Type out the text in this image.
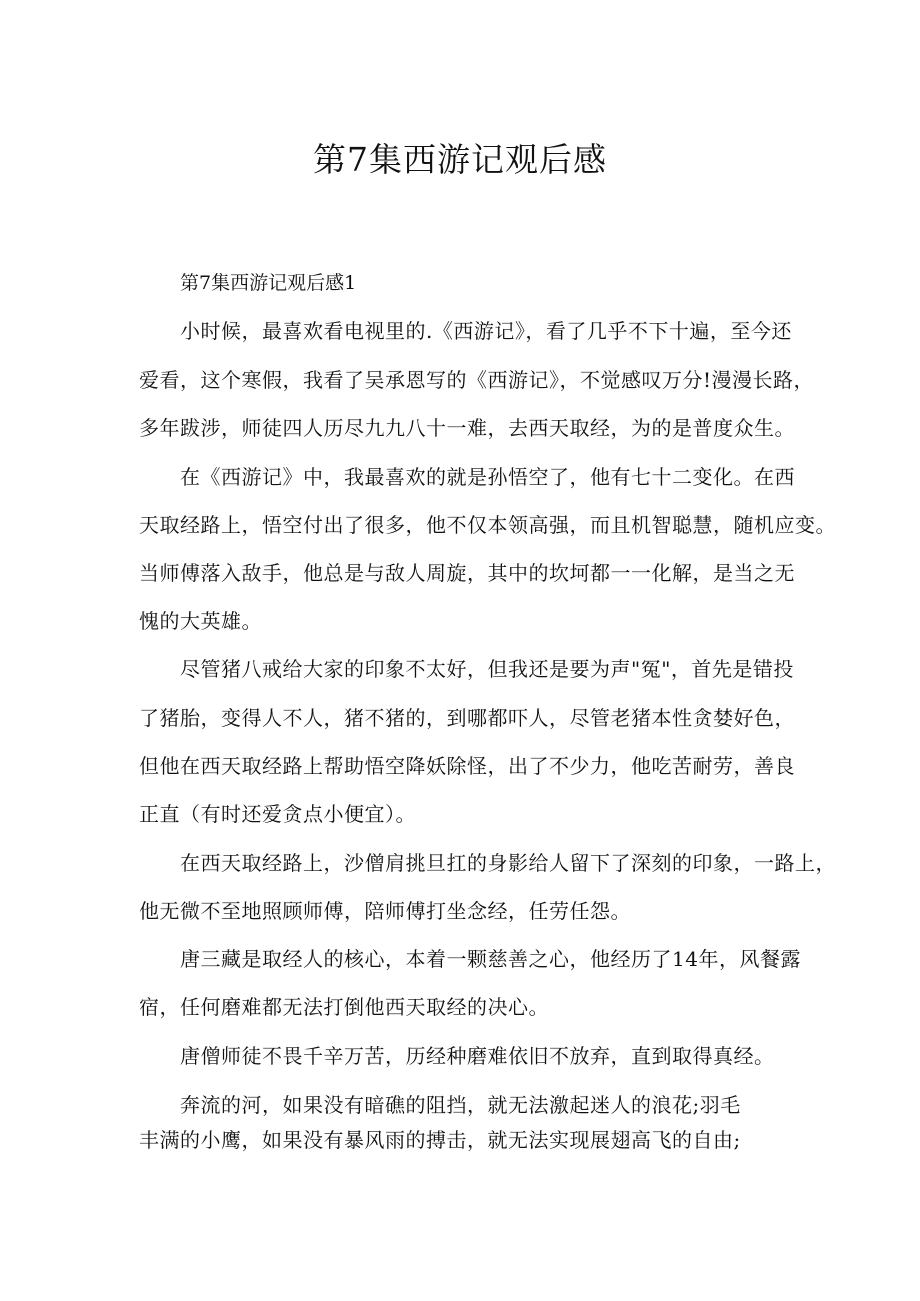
第7集西游记观后感
第7集西游记观后感1
小时候，最喜欢看电视里的.《西游记》，看了几乎不下十遍，至今还
爱看，这个寒假，我看了吴承恩写的《西游记》，不觉感叹万分!漫漫长路，
多年跋涉，师徒四人历尽九九八十一难，去西天取经，为的是普度众生。
在《西游记》中，我最喜欢的就是孙悟空了，他有七十二变化。在西
天取经路上，悟空付出了很多，他不仅本领高强，而且机智聪慧，随机应变。
当师傅落入敌手，他总是与敌人周旋，其中的坎坷都一一化解，是当之无
愧的大英雄。
尽管猪八戒给大家的印象不太好，但我还是要为声"冤"，首先是错投
了猪胎，变得人不人，猪不猪的，到哪都吓人，尽管老猪本性贪婪好色，
但他在西天取经路上帮助悟空降妖除怪，出了不少力，他吃苦耐劳，善良
正直（有时还爱贪点小便宜）。
在西天取经路上，沙僧肩挑旦扛的身影给人留下了深刻的印象，一路上，
他无微不至地照顾师傅，陪师傅打坐念经，任劳任怨。
唐三藏是取经人的核心，本着一颗慈善之心，他经历了14年，风餐露
宿，任何磨难都无法打倒他西天取经的决心。
唐僧师徒不畏千辛万苦，历经种磨难依旧不放弃，直到取得真经。
奔流的河，如果没有暗礁的阻挡，就无法激起迷人的浪花;羽毛
丰满的小鹰，如果没有暴风雨的搏击，就无法实现展翅高飞的自由;
